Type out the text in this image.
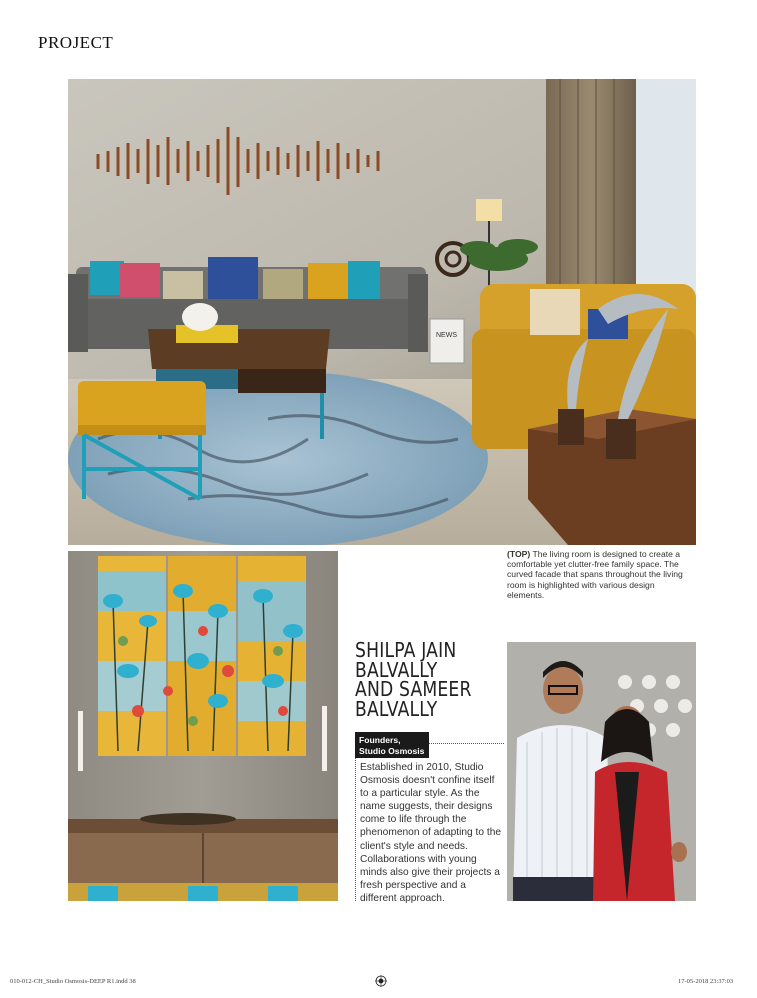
PROJECT
NEWS
(TOP) The living room is designed to create a comfortable yet clutter-free family space. The curved facade that spans throughout the living room is highlighted with various design elements.
SHILPA JAIN
BALVALLY
AND SAMEER
BALVALLY
Founders,
Studio Osmosis
Established in 2010, Studio Osmosis doesn't confine itself to a particular style. As the name suggests, their designs come to life through the phenomenon of adapting to the client's style and needs. Collaborations with young minds also give their projects a fresh perspective and a different approach.
010-012-CH_Studio Osmosis-DEEP R1.indd 38	17-05-2018 23:37:03
